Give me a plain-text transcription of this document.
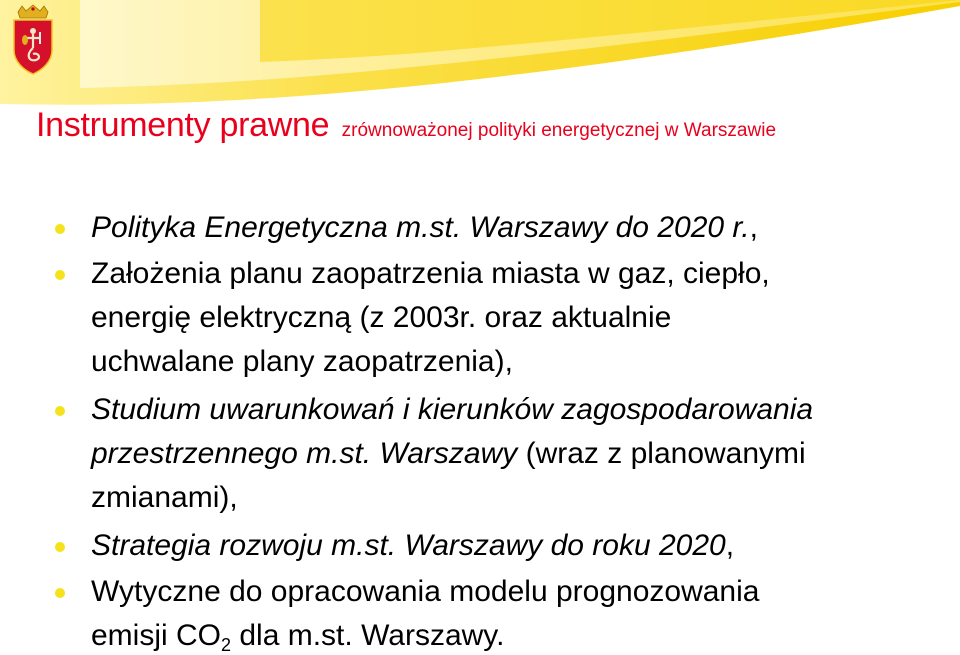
Instrumenty prawne zrównoważonej polityki energetycznej w Warszawie
Polityka Energetyczna m.st. Warszawy do 2020 r.,
Założenia planu zaopatrzenia miasta w gaz, ciepło,
energię elektryczną (z 2003r. oraz aktualnie
uchwalane plany zaopatrzenia),
Studium uwarunkowań i kierunków zagospodarowania
przestrzennego m.st. Warszawy (wraz z planowanymi
zmianami),
Strategia rozwoju m.st. Warszawy do roku 2020,
Wytyczne do opracowania modelu prognozowania
emisji $CO_2$ dla m.st. Warszawy.
